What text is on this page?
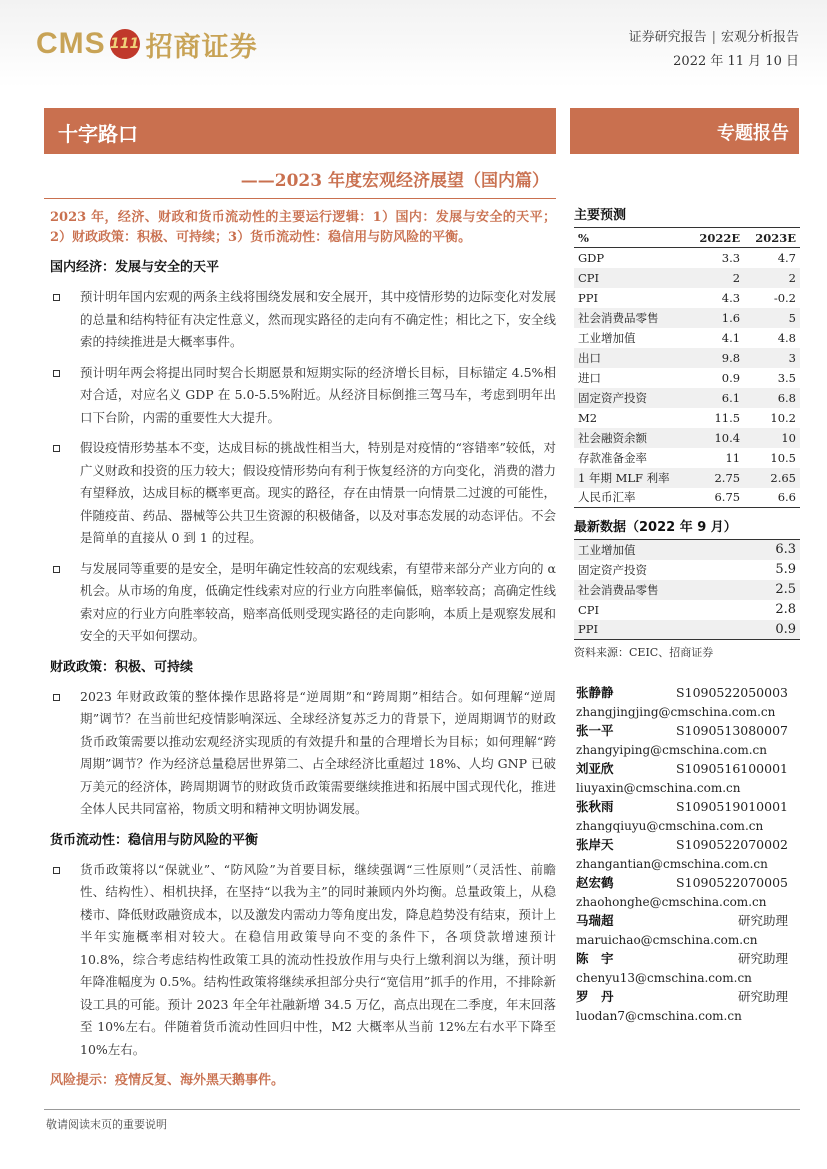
CMS 111 招商证券	证券研究报告 | 宏观分析报告
2022 年 11 月 10 日
十字路口	专题报告
——2023 年度宏观经济展望（国内篇）
2023 年，经济、财政和货币流动性的主要运行逻辑：1）国内：发展与安全的天平；2）财政政策：积极、可持续；3）货币流动性：稳信用与防风险的平衡。
国内经济：发展与安全的天平
预计明年国内宏观的两条主线将围绕发展和安全展开，其中疫情形势的边际变化对发展的总量和结构特征有决定性意义，然而现实路径的走向有不确定性；相比之下，安全线索的持续推进是大概率事件。
预计明年两会将提出同时契合长期愿景和短期实际的经济增长目标，目标锚定 4.5%相对合适，对应名义 GDP 在 5.0-5.5%附近。从经济目标倒推三驾马车，考虑到明年出口下台阶，内需的重要性大大提升。
假设疫情形势基本不变，达成目标的挑战性相当大，特别是对疫情的“容错率”较低，对广义财政和投资的压力较大；假设疫情形势向有利于恢复经济的方向变化，消费的潜力有望释放，达成目标的概率更高。现实的路径，存在由情景一向情景二过渡的可能性，伴随疫苗、药品、器械等公共卫生资源的积极储备，以及对事态发展的动态评估。不会是简单的直接从 0 到 1 的过程。
与发展同等重要的是安全，是明年确定性较高的宏观线索，有望带来部分产业方向的 α 机会。从市场的角度，低确定性线索对应的行业方向胜率偏低，赔率较高；高确定性线索对应的行业方向胜率较高，赔率高低则受现实路径的走向影响，本质上是观察发展和安全的天平如何摆动。
财政政策：积极、可持续
2023 年财政政策的整体操作思路将是“逆周期”和“跨周期”相结合。如何理解“逆周期”调节？在当前世纪疫情影响深远、全球经济复苏乏力的背景下，逆周期调节的财政货币政策需要以推动宏观经济实现质的有效提升和量的合理增长为目标；如何理解“跨周期”调节？作为经济总量稳居世界第二、占全球经济比重超过 18%、人均 GNP 已破万美元的经济体，跨周期调节的财政货币政策需要继续推进和拓展中国式现代化，推进全体人民共同富裕，物质文明和精神文明协调发展。
货币流动性：稳信用与防风险的平衡
货币政策将以“保就业”、“防风险”为首要目标，继续强调“三性原则”（灵活性、前瞻性、结构性）、相机抉择，在坚持“以我为主”的同时兼顾内外均衡。总量政策上，从稳楼市、降低财政融资成本，以及激发内需动力等角度出发，降息趋势没有结束，预计上半年实施概率相对较大。在稳信用政策导向不变的条件下，各项贷款增速预计 10.8%，综合考虑结构性政策工具的流动性投放作用与央行上缴利润以为继，预计明年降准幅度为 0.5%。结构性政策将继续承担部分央行“宽信用”抓手的作用，不排除新设工具的可能。预计 2023 年全年社融新增 34.5 万亿，高点出现在二季度，年末回落至 10%左右。伴随着货币流动性回归中性，M2 大概率从当前 12%左右水平下降至 10%左右。
风险提示：疫情反复、海外黑天鹅事件。
主要预测
%	2022E	2023E
GDP	3.3	4.7
CPI	2	2
PPI	4.3	-0.2
社会消费品零售	1.6	5
工业增加值	4.1	4.8
出口	9.8	3
进口	0.9	3.5
固定资产投资	6.1	6.8
M2	11.5	10.2
社会融资余额	10.4	10
存款准备金率	11	10.5
1 年期 MLF 利率	2.75	2.65
人民币汇率	6.75	6.6
最新数据（2022 年 9 月）
工业增加值	6.3
固定资产投资	5.9
社会消费品零售	2.5
CPI	2.8
PPI	0.9
资料来源：CEIC、招商证券
张静静	S1090522050003
zhangjingjing@cmschina.com.cn
张一平	S1090513080007
zhangyiping@cmschina.com.cn
刘亚欣	S1090516100001
liuyaxin@cmschina.com.cn
张秋雨	S1090519010001
zhangqiuyu@cmschina.com.cn
张岸天	S1090522070002
zhangantian@cmschina.com.cn
赵宏鹤	S1090522070005
zhaohonghe@cmschina.com.cn
马瑞超	研究助理
maruichao@cmschina.com.cn
陈　宇	研究助理
chenyu13@cmschina.com.cn
罗　丹	研究助理
luodan7@cmschina.com.cn
敬请阅读末页的重要说明
